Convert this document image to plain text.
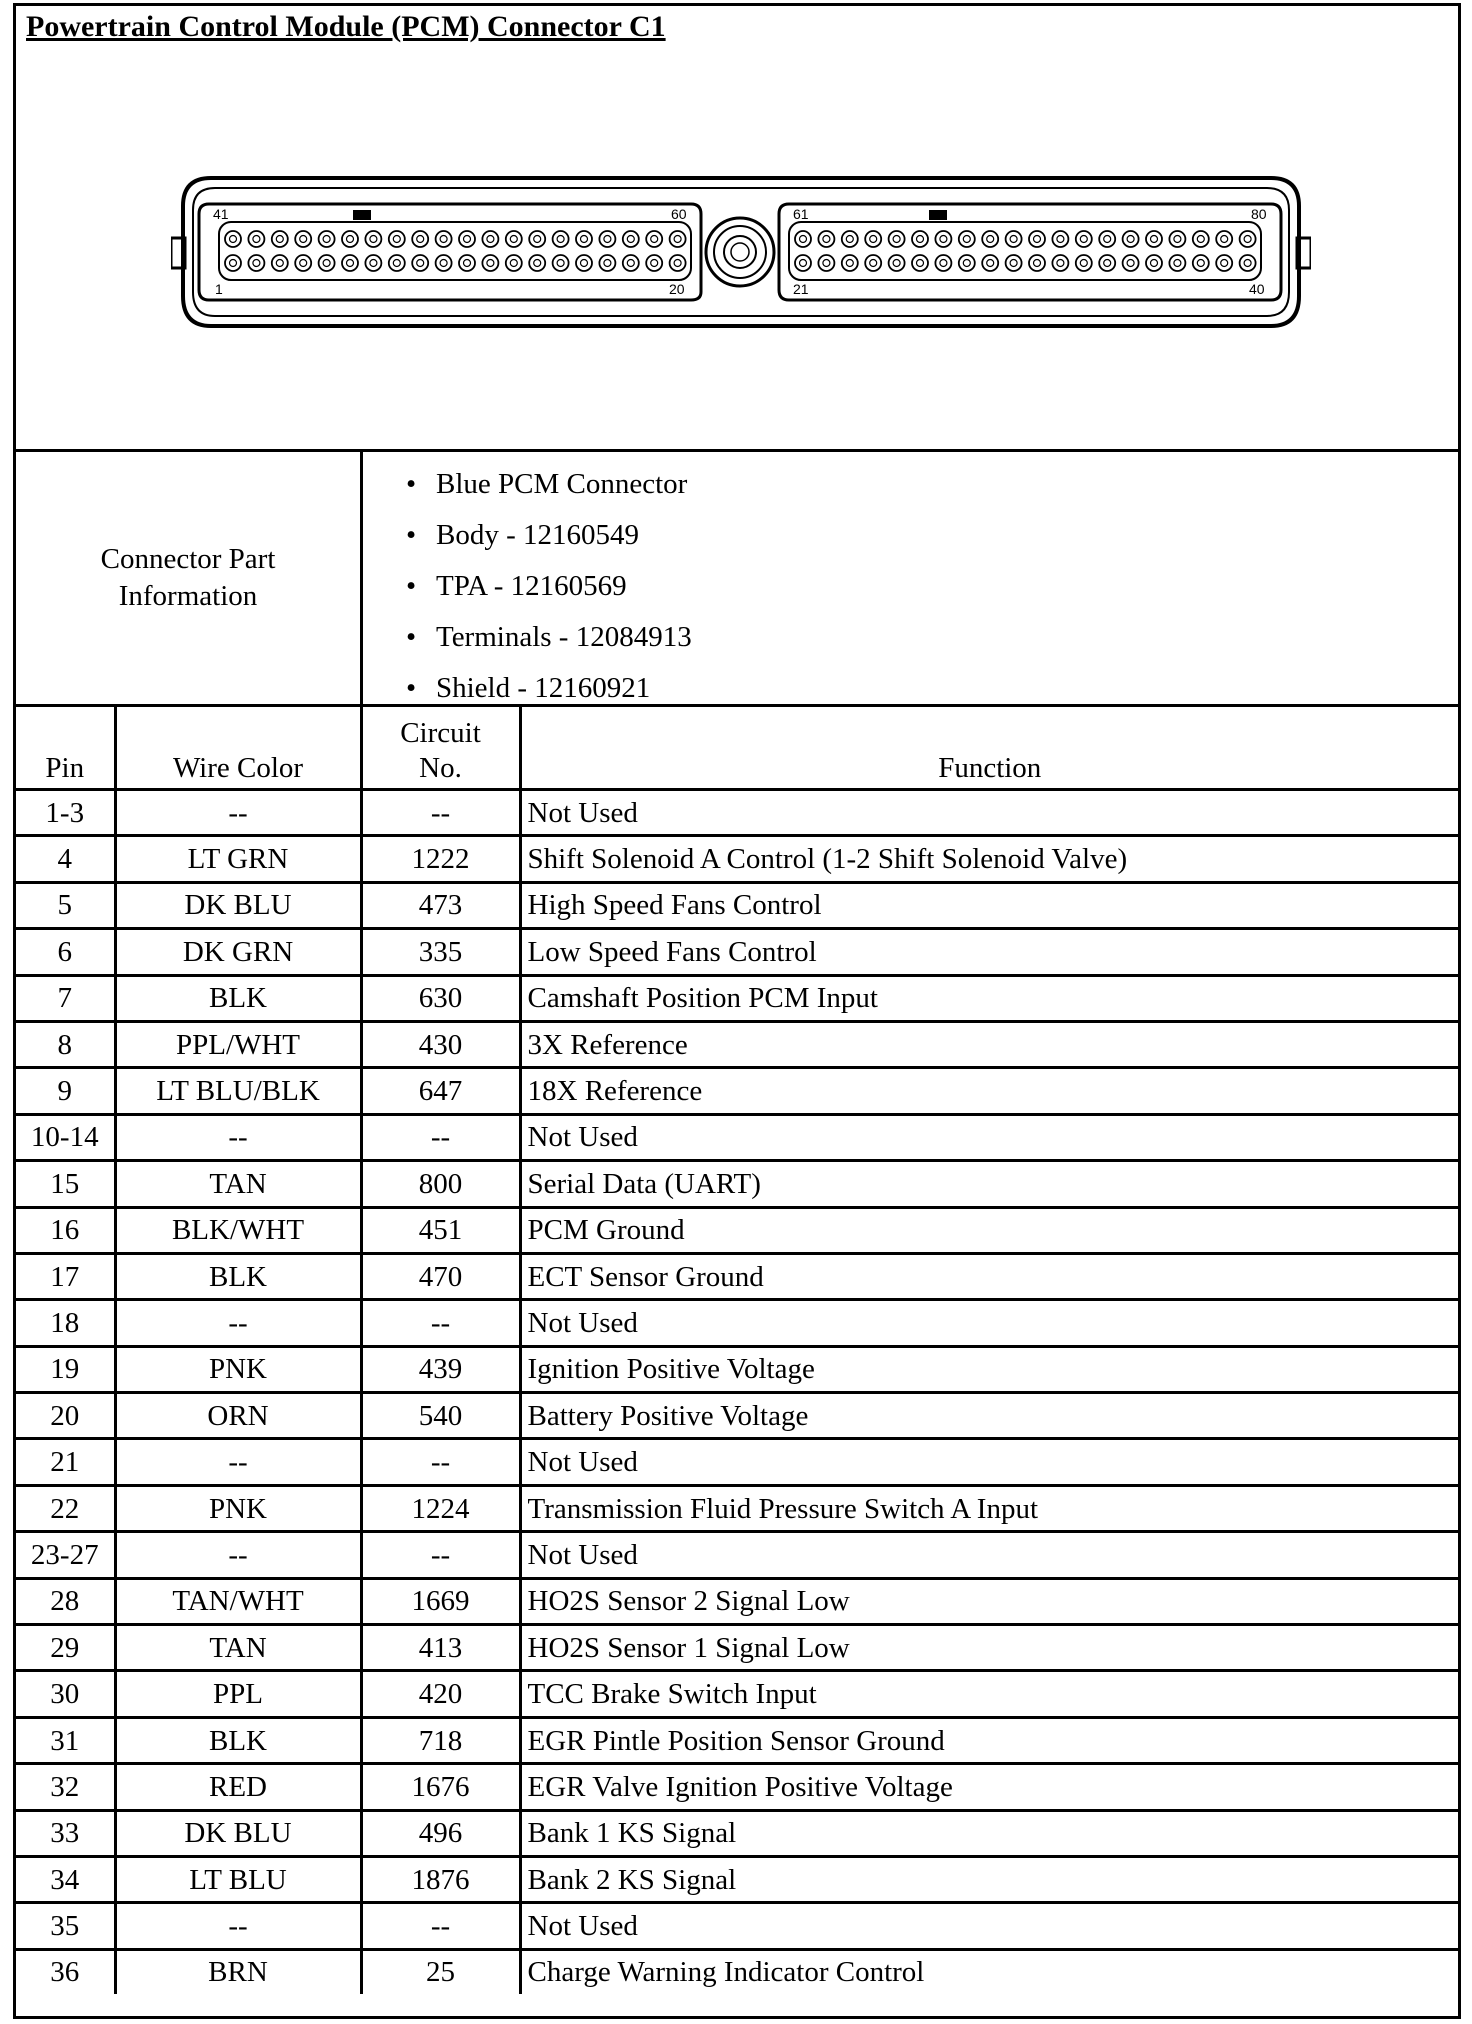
Powertrain Control Module (PCM) Connector C1
41	60
1	20
61	80
21	40
Connector Part Information
• Blue PCM Connector
• Body - 12160549
• TPA - 12160569
• Terminals - 12084913
• Shield - 12160921
Pin	Wire Color	Circuit No.	Function
1-3	--	--	Not Used
4	LT GRN	1222	Shift Solenoid A Control (1-2 Shift Solenoid Valve)
5	DK BLU	473	High Speed Fans Control
6	DK GRN	335	Low Speed Fans Control
7	BLK	630	Camshaft Position PCM Input
8	PPL/WHT	430	3X Reference
9	LT BLU/BLK	647	18X Reference
10-14	--	--	Not Used
15	TAN	800	Serial Data (UART)
16	BLK/WHT	451	PCM Ground
17	BLK	470	ECT Sensor Ground
18	--	--	Not Used
19	PNK	439	Ignition Positive Voltage
20	ORN	540	Battery Positive Voltage
21	--	--	Not Used
22	PNK	1224	Transmission Fluid Pressure Switch A Input
23-27	--	--	Not Used
28	TAN/WHT	1669	HO2S Sensor 2 Signal Low
29	TAN	413	HO2S Sensor 1 Signal Low
30	PPL	420	TCC Brake Switch Input
31	BLK	718	EGR Pintle Position Sensor Ground
32	RED	1676	EGR Valve Ignition Positive Voltage
33	DK BLU	496	Bank 1 KS Signal
34	LT BLU	1876	Bank 2 KS Signal
35	--	--	Not Used
36	BRN	25	Charge Warning Indicator Control
